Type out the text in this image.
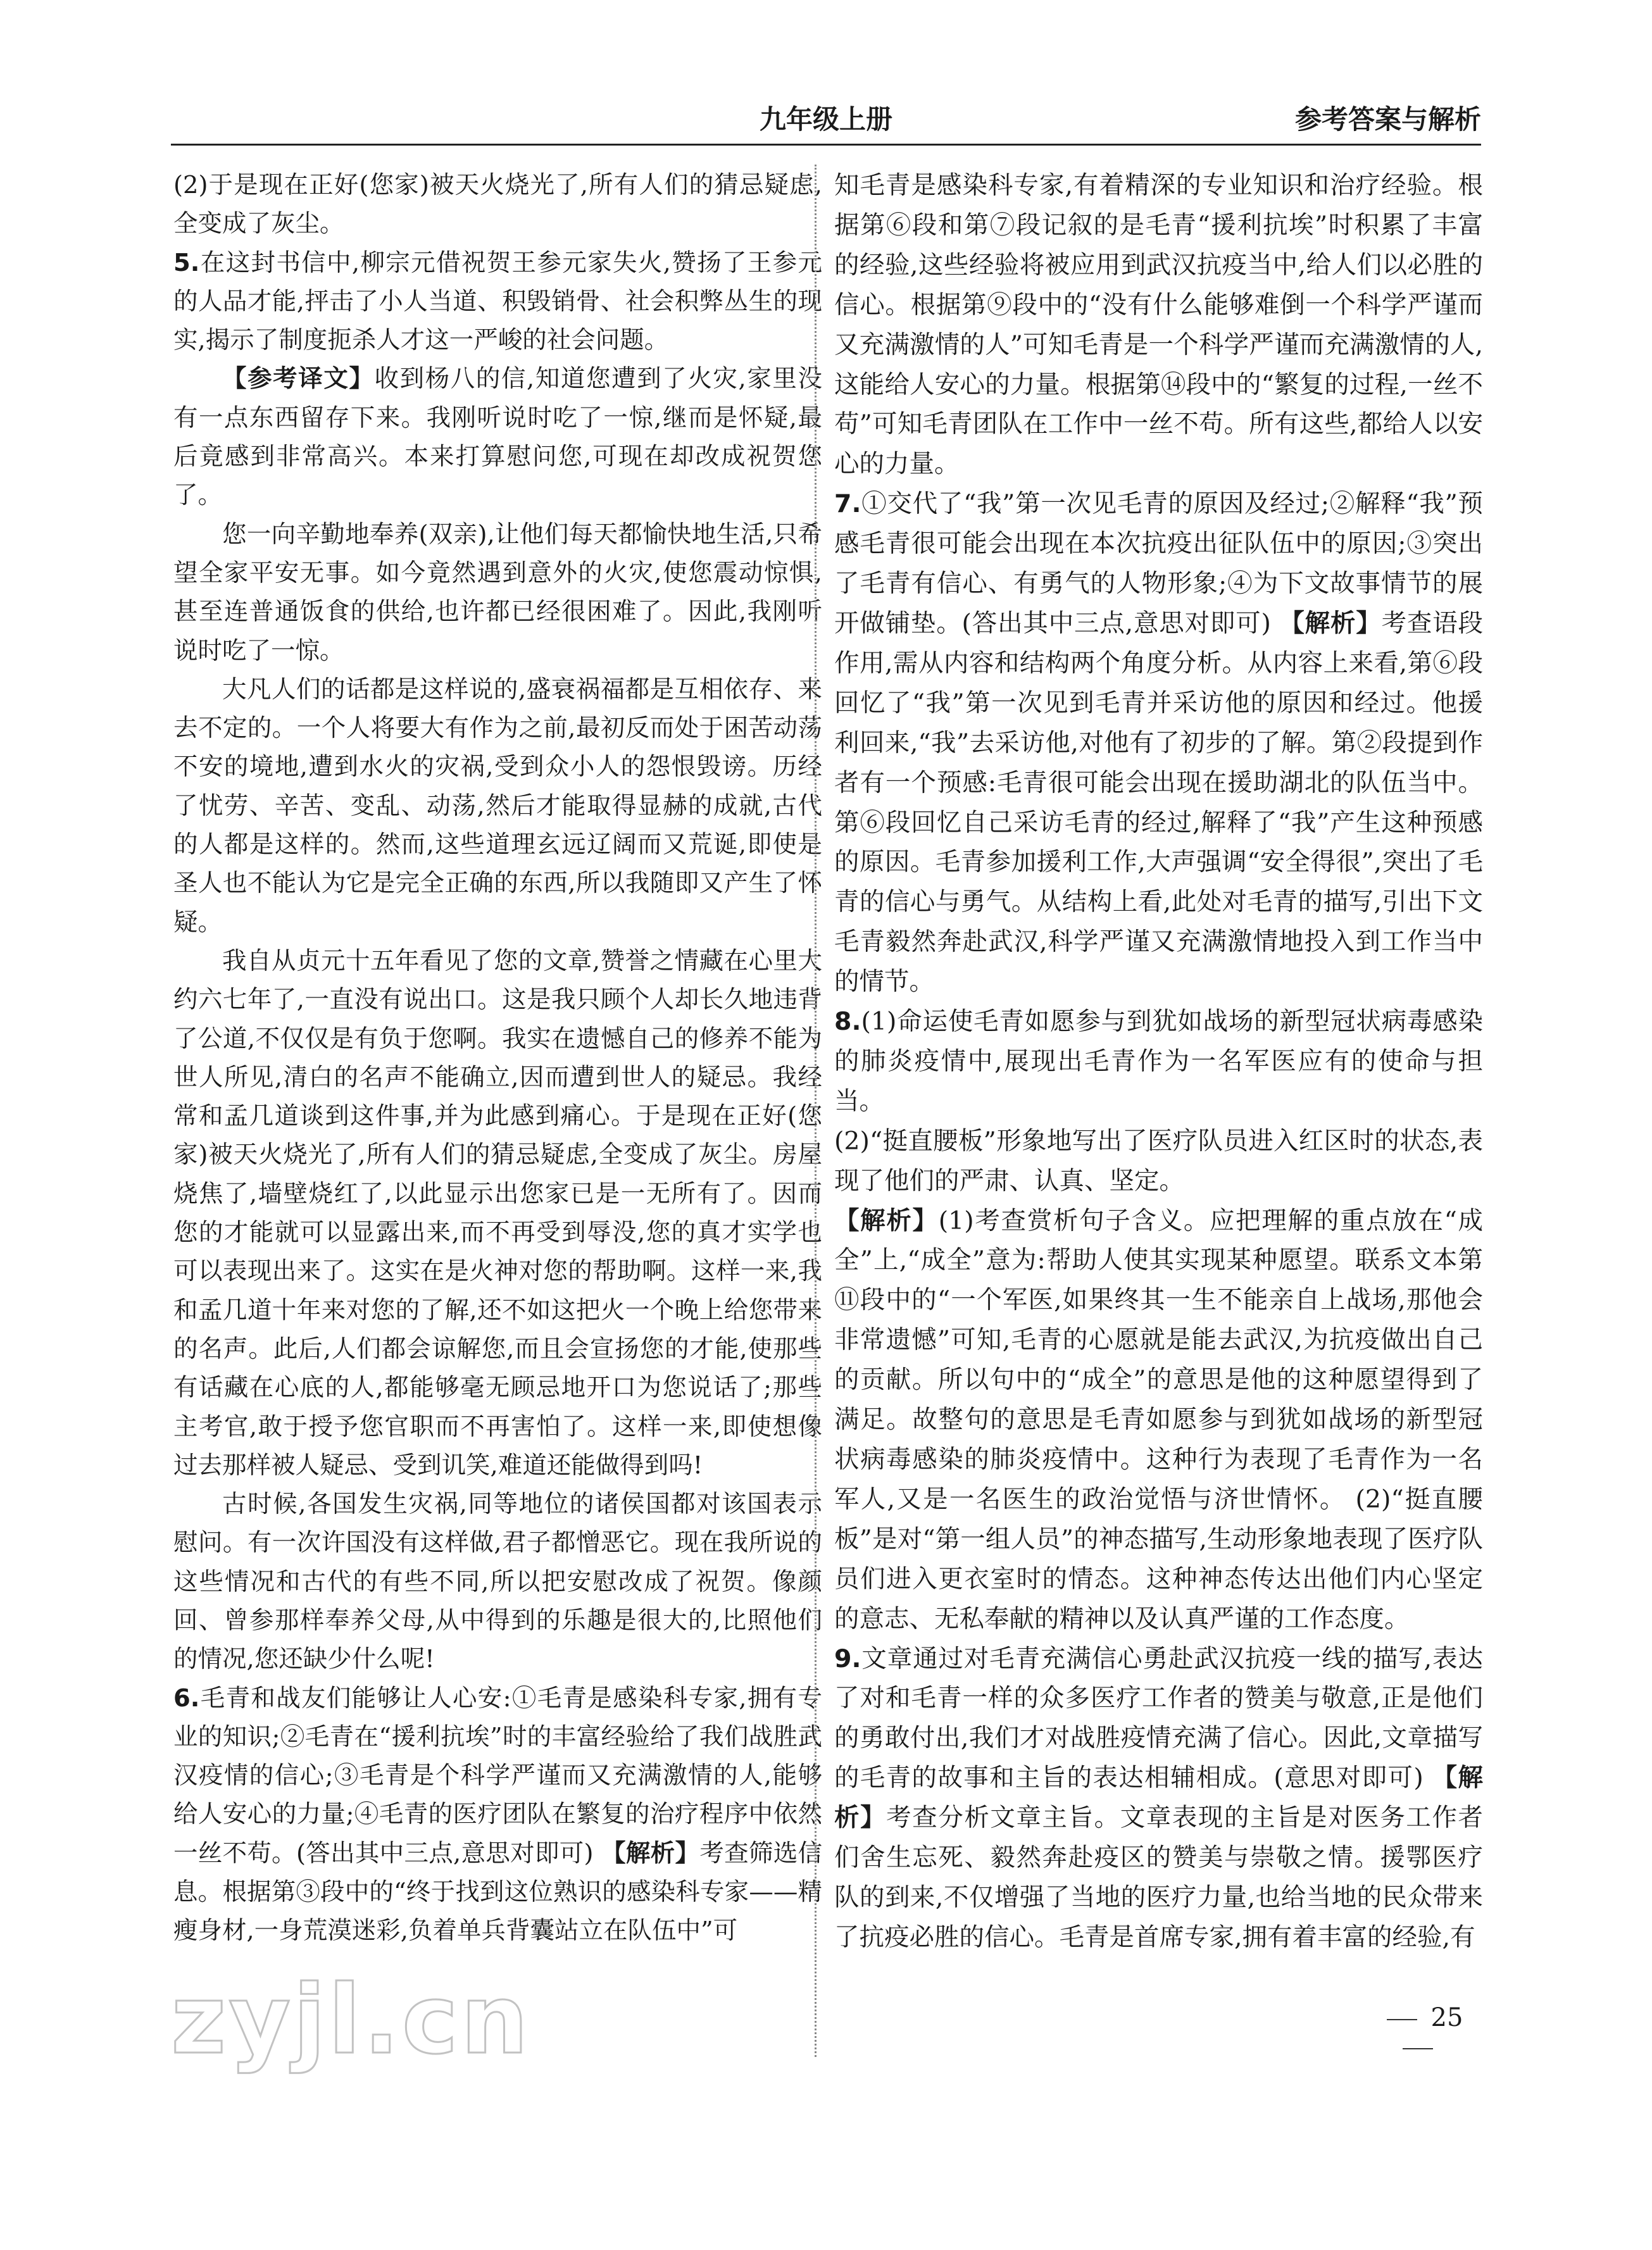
九年级上册	参考答案与解析

(2)于是现在正好(您家)被天火烧光了,所有人们的猜忌疑虑,全变成了灰尘。

5.在这封书信中,柳宗元借祝贺王参元家失火,赞扬了王参元的人品才能,抨击了小人当道、积毁销骨、社会积弊丛生的现实,揭示了制度扼杀人才这一严峻的社会问题。

【参考译文】收到杨八的信,知道您遭到了火灾,家里没有一点东西留存下来。我刚听说时吃了一惊,继而是怀疑,最后竟感到非常高兴。本来打算慰问您,可现在却改成祝贺您了。

您一向辛勤地奉养(双亲),让他们每天都愉快地生活,只希望全家平安无事。如今竟然遇到意外的火灾,使您震动惊惧,甚至连普通饭食的供给,也许都已经很困难了。因此,我刚听说时吃了一惊。

大凡人们的话都是这样说的,盛衰祸福都是互相依存、来去不定的。一个人将要大有作为之前,最初反而处于困苦动荡不安的境地,遭到水火的灾祸,受到众小人的怨恨毁谤。历经了忧劳、辛苦、变乱、动荡,然后才能取得显赫的成就,古代的人都是这样的。然而,这些道理玄远辽阔而又荒诞,即使是圣人也不能认为它是完全正确的东西,所以我随即又产生了怀疑。

我自从贞元十五年看见了您的文章,赞誉之情藏在心里大约六七年了,一直没有说出口。这是我只顾个人却长久地违背了公道,不仅仅是有负于您啊。我实在遗憾自己的修养不能为世人所见,清白的名声不能确立,因而遭到世人的疑忌。我经常和孟几道谈到这件事,并为此感到痛心。于是现在正好(您家)被天火烧光了,所有人们的猜忌疑虑,全变成了灰尘。房屋烧焦了,墙壁烧红了,以此显示出您家已是一无所有了。因而您的才能就可以显露出来,而不再受到辱没,您的真才实学也可以表现出来了。这实在是火神对您的帮助啊。这样一来,我和孟几道十年来对您的了解,还不如这把火一个晚上给您带来的名声。此后,人们都会谅解您,而且会宣扬您的才能,使那些有话藏在心底的人,都能够毫无顾忌地开口为您说话了;那些主考官,敢于授予您官职而不再害怕了。这样一来,即使想像过去那样被人疑忌、受到讥笑,难道还能做得到吗!

古时候,各国发生灾祸,同等地位的诸侯国都对该国表示慰问。有一次许国没有这样做,君子都憎恶它。现在我所说的这些情况和古代的有些不同,所以把安慰改成了祝贺。像颜回、曾参那样奉养父母,从中得到的乐趣是很大的,比照他们的情况,您还缺少什么呢!

6.毛青和战友们能够让人心安:①毛青是感染科专家,拥有专业的知识;②毛青在“援利抗埃”时的丰富经验给了我们战胜武汉疫情的信心;③毛青是个科学严谨而又充满激情的人,能够给人安心的力量;④毛青的医疗团队在繁复的治疗程序中依然一丝不苟。(答出其中三点,意思对即可) 【解析】考查筛选信息。根据第③段中的“终于找到这位熟识的感染科专家——精瘦身材,一身荒漠迷彩,负着单兵背囊站立在队伍中”可

知毛青是感染科专家,有着精深的专业知识和治疗经验。根据第⑥段和第⑦段记叙的是毛青“援利抗埃”时积累了丰富的经验,这些经验将被应用到武汉抗疫当中,给人们以必胜的信心。根据第⑨段中的“没有什么能够难倒一个科学严谨而又充满激情的人”可知毛青是一个科学严谨而充满激情的人,这能给人安心的力量。根据第⑭段中的“繁复的过程,一丝不苟”可知毛青团队在工作中一丝不苟。所有这些,都给人以安心的力量。

7.①交代了“我”第一次见毛青的原因及经过;②解释“我”预感毛青很可能会出现在本次抗疫出征队伍中的原因;③突出了毛青有信心、有勇气的人物形象;④为下文故事情节的展开做铺垫。(答出其中三点,意思对即可) 【解析】考查语段作用,需从内容和结构两个角度分析。从内容上来看,第⑥段回忆了“我”第一次见到毛青并采访他的原因和经过。他援利回来,“我”去采访他,对他有了初步的了解。第②段提到作者有一个预感:毛青很可能会出现在援助湖北的队伍当中。第⑥段回忆自己采访毛青的经过,解释了“我”产生这种预感的原因。毛青参加援利工作,大声强调“安全得很”,突出了毛青的信心与勇气。从结构上看,此处对毛青的描写,引出下文毛青毅然奔赴武汉,科学严谨又充满激情地投入到工作当中的情节。

8.(1)命运使毛青如愿参与到犹如战场的新型冠状病毒感染的肺炎疫情中,展现出毛青作为一名军医应有的使命与担当。

(2)“挺直腰板”形象地写出了医疗队员进入红区时的状态,表现了他们的严肃、认真、坚定。

【解析】(1)考查赏析句子含义。应把理解的重点放在“成全”上,“成全”意为:帮助人使其实现某种愿望。联系文本第⑪段中的“一个军医,如果终其一生不能亲自上战场,那他会非常遗憾”可知,毛青的心愿就是能去武汉,为抗疫做出自己的贡献。所以句中的“成全”的意思是他的这种愿望得到了满足。故整句的意思是毛青如愿参与到犹如战场的新型冠状病毒感染的肺炎疫情中。这种行为表现了毛青作为一名军人,又是一名医生的政治觉悟与济世情怀。 (2)“挺直腰板”是对“第一组人员”的神态描写,生动形象地表现了医疗队员们进入更衣室时的情态。这种神态传达出他们内心坚定的意志、无私奉献的精神以及认真严谨的工作态度。

9.文章通过对毛青充满信心勇赴武汉抗疫一线的描写,表达了对和毛青一样的众多医疗工作者的赞美与敬意,正是他们的勇敢付出,我们才对战胜疫情充满了信心。因此,文章描写的毛青的故事和主旨的表达相辅相成。(意思对即可) 【解析】考查分析文章主旨。文章表现的主旨是对医务工作者们舍生忘死、毅然奔赴疫区的赞美与崇敬之情。援鄂医疗队的到来,不仅增强了当地的医疗力量,也给当地的民众带来了抗疫必胜的信心。毛青是首席专家,拥有着丰富的经验,有

zyjl.cn	25
